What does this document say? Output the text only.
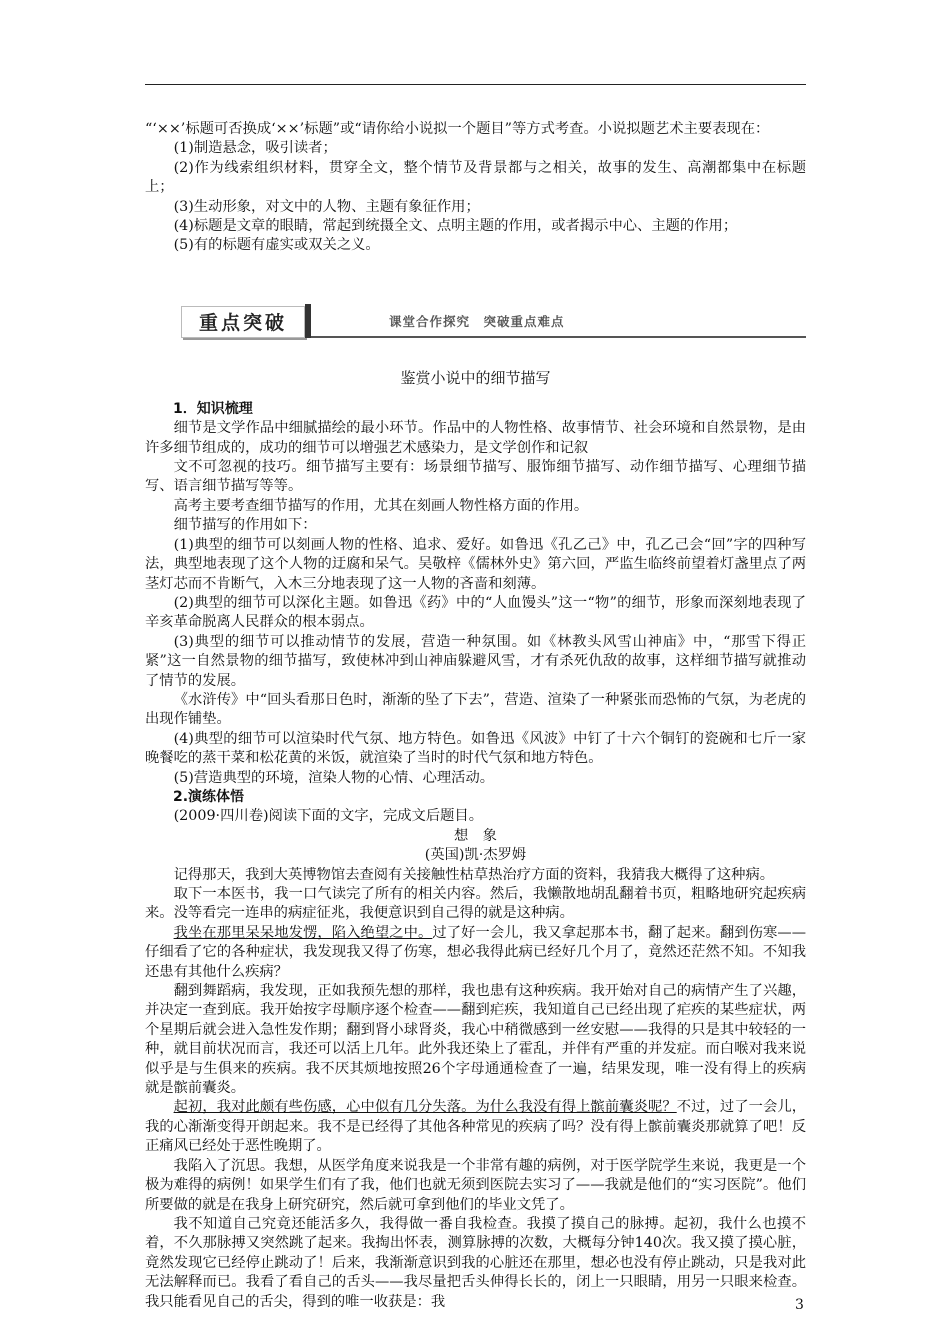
“‘××’标题可否换成‘××’标题”或“请你给小说拟一个题目”等方式考查。小说拟题艺术主要表现在：

(1)制造悬念，吸引读者；

(2)作为线索组织材料，贯穿全文，整个情节及背景都与之相关，故事的发生、高潮都集中在标题上；

(3)生动形象，对文中的人物、主题有象征作用；

(4)标题是文章的眼睛，常起到统摄全文、点明主题的作用，或者揭示中心、主题的作用；

(5)有的标题有虚实或双关之义。

重点突破	课堂合作探究　突破重点难点

鉴赏小说中的细节描写

1．知识梳理

细节是文学作品中细腻描绘的最小环节。作品中的人物性格、故事情节、社会环境和自然景物，是由许多细节组成的，成功的细节可以增强艺术感染力，是文学创作和记叙

文不可忽视的技巧。细节描写主要有：场景细节描写、服饰细节描写、动作细节描写、心理细节描写、语言细节描写等等。

高考主要考查细节描写的作用，尤其在刻画人物性格方面的作用。

细节描写的作用如下：

(1)典型的细节可以刻画人物的性格、追求、爱好。如鲁迅《孔乙己》中，孔乙己会“回”字的四种写法，典型地表现了这个人物的迂腐和呆气。吴敬梓《儒林外史》第六回，严监生临终前望着灯盏里点了两茎灯芯而不肯断气，入木三分地表现了这一人物的吝啬和刻薄。

(2)典型的细节可以深化主题。如鲁迅《药》中的“人血馒头”这一“物”的细节，形象而深刻地表现了辛亥革命脱离人民群众的根本弱点。

(3)典型的细节可以推动情节的发展，营造一种氛围。如《林教头风雪山神庙》中，“那雪下得正紧”这一自然景物的细节描写，致使林冲到山神庙躲避风雪，才有杀死仇敌的故事，这样细节描写就推动了情节的发展。

《水浒传》中“回头看那日色时，渐渐的坠了下去”，营造、渲染了一种紧张而恐怖的气氛，为老虎的出现作铺垫。

(4)典型的细节可以渲染时代气氛、地方特色。如鲁迅《风波》中钉了十六个铜钉的瓷碗和七斤一家晚餐吃的蒸干菜和松花黄的米饭，就渲染了当时的时代气氛和地方特色。

(5)营造典型的环境，渲染人物的心情、心理活动。

2.演练体悟

(2009·四川卷)阅读下面的文字，完成文后题目。

想　象

(英国)凯·杰罗姆

记得那天，我到大英博物馆去查阅有关接触性枯草热治疗方面的资料，我猜我大概得了这种病。

取下一本医书，我一口气读完了所有的相关内容。然后，我懒散地胡乱翻着书页，粗略地研究起疾病来。没等看完一连串的病症征兆，我便意识到自己得的就是这种病。

我坐在那里呆呆地发愣，陷入绝望之中。过了好一会儿，我又拿起那本书，翻了起来。翻到伤寒——仔细看了它的各种症状，我发现我又得了伤寒，想必我得此病已经好几个月了，竟然还茫然不知。不知我还患有其他什么疾病？

翻到舞蹈病，我发现，正如我预先想的那样，我也患有这种疾病。我开始对自己的病情产生了兴趣，并决定一查到底。我开始按字母顺序逐个检查——翻到疟疾，我知道自己已经出现了疟疾的某些症状，两个星期后就会进入急性发作期；翻到肾小球肾炎，我心中稍微感到一丝安慰——我得的只是其中较轻的一种，就目前状况而言，我还可以活上几年。此外我还染上了霍乱，并伴有严重的并发症。而白喉对我来说似乎是与生俱来的疾病。我不厌其烦地按照26个字母通通检查了一遍，结果发现，唯一没有得上的疾病就是髌前囊炎。

起初，我对此颇有些伤感，心中似有几分失落。为什么我没有得上髌前囊炎呢？不过，过了一会儿，我的心渐渐变得开朗起来。我不是已经得了其他各种常见的疾病了吗？没有得上髌前囊炎那就算了吧！反正痛风已经处于恶性晚期了。

我陷入了沉思。我想，从医学角度来说我是一个非常有趣的病例，对于医学院学生来说，我更是一个极为难得的病例！如果学生们有了我，他们也就无须到医院去实习了——我就是他们的“实习医院”。他们所要做的就是在我身上研究研究，然后就可拿到他们的毕业文凭了。

我不知道自己究竟还能活多久，我得做一番自我检查。我摸了摸自己的脉搏。起初，我什么也摸不着，不久那脉搏又突然跳了起来。我掏出怀表，测算脉搏的次数，大概每分钟140次。我又摸了摸心脏，竟然发现它已经停止跳动了！后来，我渐渐意识到我的心脏还在那里，想必也没有停止跳动，只是我对此无法解释而已。我看了看自己的舌头——我尽量把舌头伸得长长的，闭上一只眼睛，用另一只眼来检查。我只能看见自己的舌尖，得到的唯一收获是：我	3
